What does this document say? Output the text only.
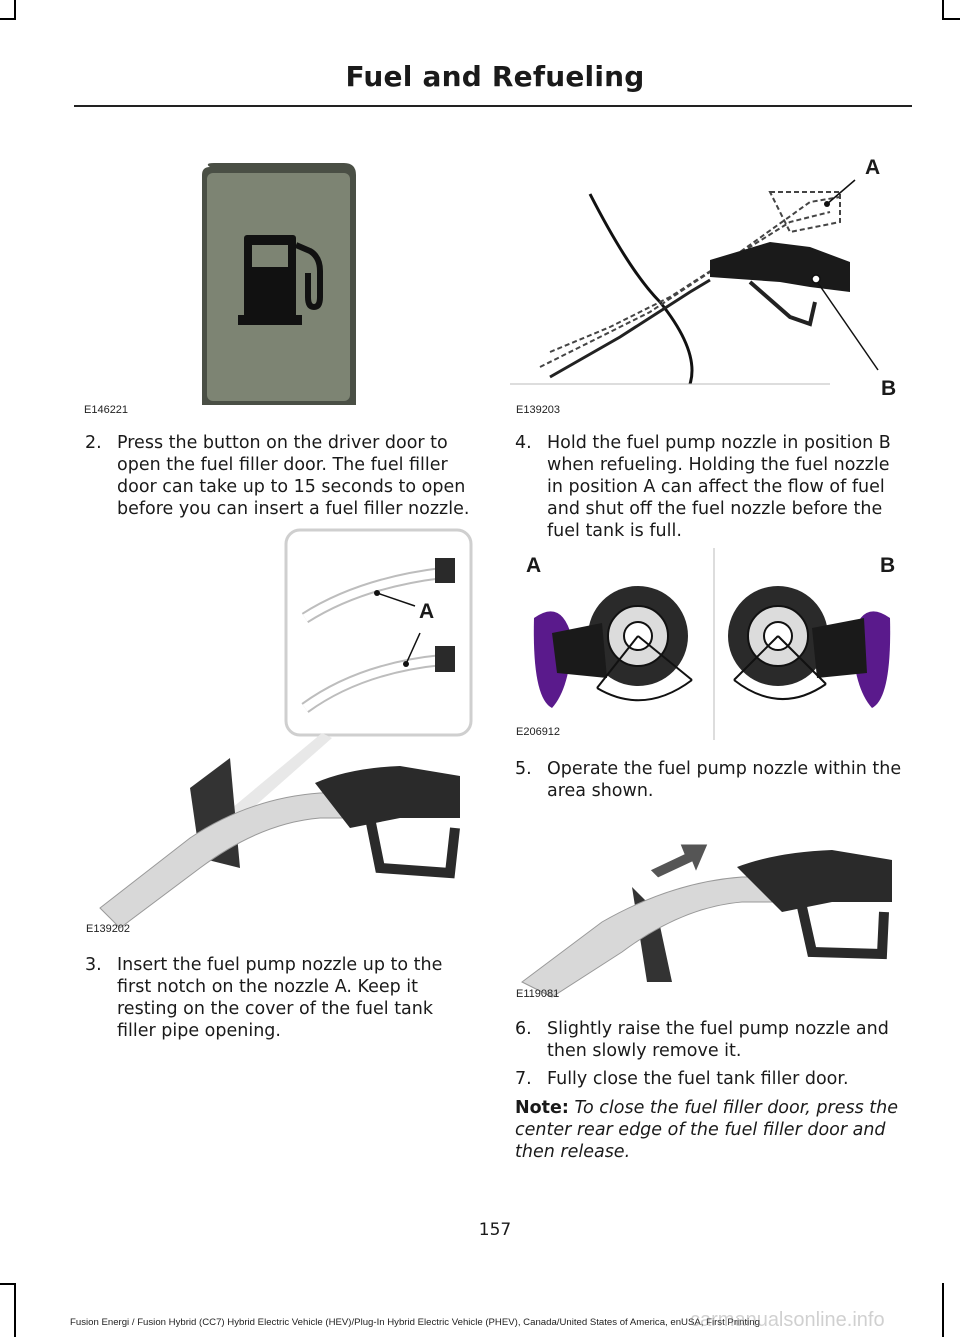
Fuel and Refueling
E146221
A
B
E139203
2. Press the button on the driver door to open the fuel filler door. The fuel filler door can take up to 15 seconds to open before you can insert a fuel filler nozzle.
4. Hold the fuel pump nozzle in position B when refueling. Holding the fuel nozzle in position A can affect the flow of fuel and shut off the fuel nozzle before the fuel tank is full.
A
E139202
A	B
E206912
5. Operate the fuel pump nozzle within the area shown.
E119081
3. Insert the fuel pump nozzle up to the first notch on the nozzle A. Keep it resting on the cover of the fuel tank filler pipe opening.	6. Slightly raise the fuel pump nozzle and then slowly remove it.
7. Fully close the fuel tank filler door.
Note: To close the fuel filler door, press the center rear edge of the fuel filler door and then release.
157
Fusion Energi / Fusion Hybrid (CC7) Hybrid Electric Vehicle (HEV)/Plug-In Hybrid Electric Vehicle (PHEV), Canada/United States of America, enUSA, First Printing
carmanualsonline.info
